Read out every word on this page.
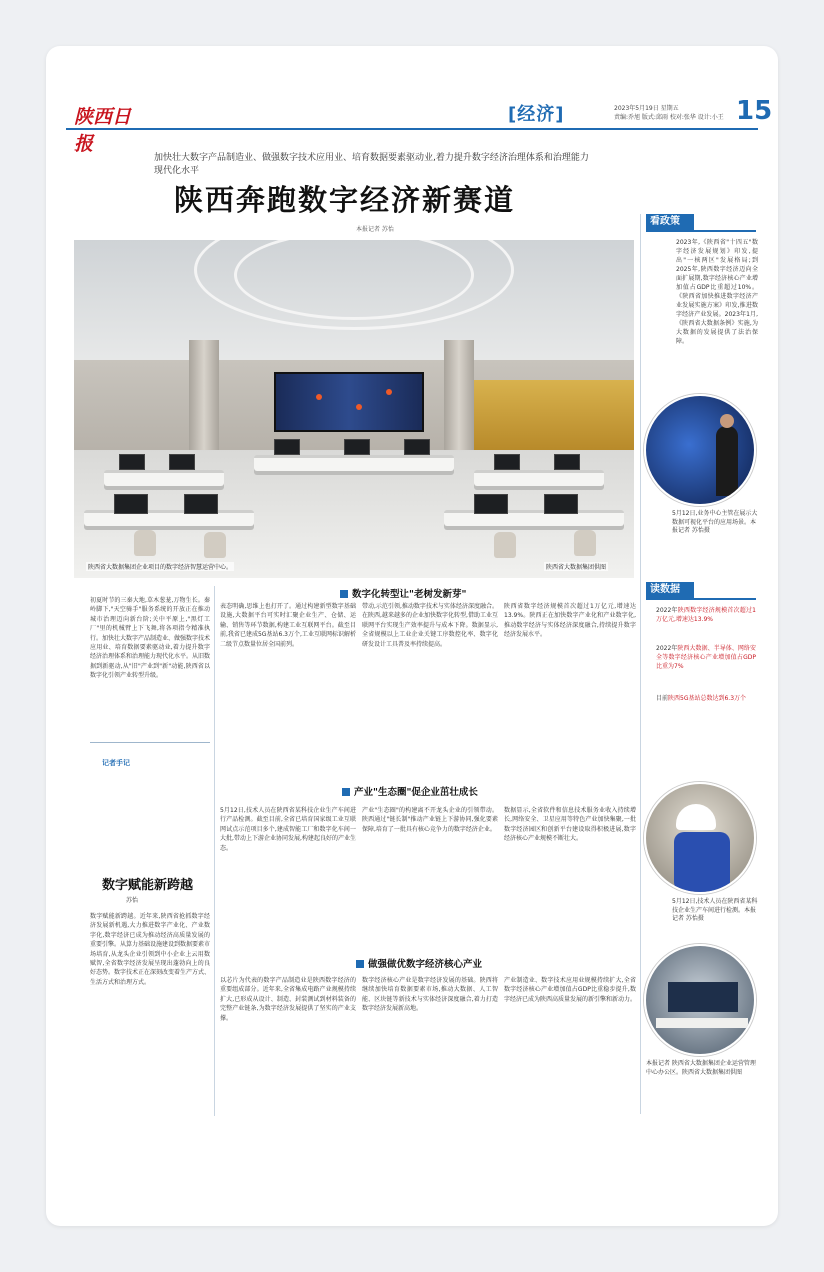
陕西日报
[经济]	2023年5月19日 星期五
责编:乔旭 版式:邱雨 校对:张华 设计:小王 15
加快壮大数字产品制造业、做强数字技术应用业、培育数据要素驱动业,着力提升数字经济治理体系和治理能力现代化水平
陕西奔跑数字经济新赛道
本报记者 苏怡
陕西省大数据集团企业项目的数字经济智慧运营中心。	陕西省大数据集团供图
看政策
2023年,《陕西省"十四五"数字经济发展规划》印发,提出"一核两区"发展格局;到2025年,陕西数字经济迈向全面扩展期,数字经济核心产业增加值占GDP比重超过10%。《陕西省加快推进数字经济产业发展实施方案》印发,推进数字经济产业发展。2023年1月,《陕西省大数据条例》实施,为大数据的发展提供了法治保障。
5月12日,业务中心主管在展示大数据可视化平台的应用场景。本报记者 苏怡摄
读数据
2022年陕西数字经济规模首次超过1万亿元,增速达13.9%
2022年陕西大数据、半导体、网络安全等数字经济核心产业增加值占GDP比重为7%
目前陕西5G基站总数达到6.3万个
5月12日,技术人员在陕西省某科技企业生产车间进行检测。本报记者 苏怡摄
本报记者 陕西省大数据集团企业运营管理中心办公区。陕西省大数据集团供图
初夏时节的三秦大地,草木葱茏,万物生长。秦岭脚下,"天空骑手"服务系统的开放正在推动城市治理迈向新台阶;关中平原上,"黑灯工厂"里的机械臂上下飞舞,将各项指令精准执行。加快壮大数字产品制造业、做强数字技术应用业、培育数据要素驱动业,着力提升数字经济治理体系和治理能力现代化水平。从旧数据到新驱动,从"旧"产业到"新"动能,陕西省以数字化引领产业转型升级。
记者手记
数字赋能新跨越
苏怡
数字赋能新跨越。近年来,陕西省抢抓数字经济发展新机遇,大力推进数字产业化、产业数字化,数字经济已成为推动经济高质量发展的重要引擎。从算力基础设施建设到数据要素市场培育,从龙头企业引领到中小企业上云用数赋智,全省数字经济发展呈现出蓬勃向上的良好态势。数字技术正在深刻改变着生产方式、生活方式和治理方式。
数字化转型让"老树发新芽"
产业"生态圈"促企业茁壮成长
做强做优数字经济核心产业
表态明确,思维上也打开了。通过构建新型数字基础设施,大数据平台可实时汇聚企业生产、仓储、运输、销售等环节数据,构建工业互联网平台。截至目前,我省已建成5G基站6.3万个,工业互联网标识解析二级节点数量位居全国前列。
5月12日,技术人员在陕西省某科技企业生产车间进行产品检测。截至目前,全省已培育国家级工业互联网试点示范项目多个,建成智能工厂和数字化车间一大批,带动上下游企业协同发展,构建起良好的产业生态。
以芯片为代表的数字产品制造业是陕西数字经济的重要组成部分。近年来,全省集成电路产业规模持续扩大,已形成从设计、制造、封装测试到材料装备的完整产业链条,为数字经济发展提供了坚实的产业支撑。
带动,示范引领,推动数字技术与实体经济深度融合。在陕西,越来越多的企业加快数字化转型,借助工业互联网平台实现生产效率提升与成本下降。数据显示,全省规模以上工业企业关键工序数控化率、数字化研发设计工具普及率持续提高。
产业"生态圈"的构建离不开龙头企业的引领带动。陕西通过"链长制"推动产业链上下游协同,强化要素保障,培育了一批具有核心竞争力的数字经济企业。
数字经济核心产业是数字经济发展的基础。陕西将继续加快培育数据要素市场,推动大数据、人工智能、区块链等新技术与实体经济深度融合,着力打造数字经济发展新高地。
陕西省数字经济规模首次超过1万亿元,增速达13.9%。陕西正在加快数字产业化和产业数字化,推动数字经济与实体经济深度融合,持续提升数字经济发展水平。
数据显示,全省软件和信息技术服务业收入持续增长,网络安全、卫星应用等特色产业加快集聚,一批数字经济园区和创新平台建设取得积极进展,数字经济核心产业规模不断壮大。
产业制造业、数字技术应用业规模持续扩大,全省数字经济核心产业增加值占GDP比重稳步提升,数字经济已成为陕西高质量发展的新引擎和新动力。
